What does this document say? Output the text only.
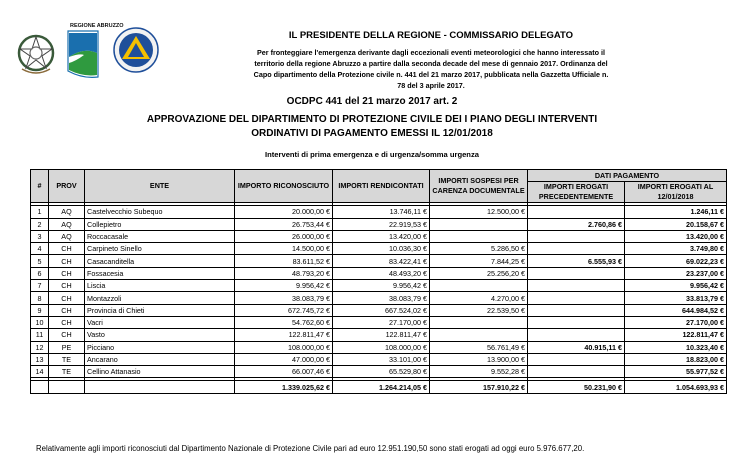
REGIONE ABRUZZO

IL PRESIDENTE DELLA REGIONE - COMMISSARIO DELEGATO

Per fronteggiare l'emergenza derivante dagli eccezionali eventi meteorologici che hanno interessato il

territorio della regione Abruzzo a partire dalla seconda decade del mese di gennaio 2017. Ordinanza del

Capo dipartimento della Protezione civile n. 441 del 21 marzo 2017, pubblicata nella Gazzetta Ufficiale n.

78 del 3 aprile 2017.

OCDPC 441 del 21 marzo 2017 art. 2
APPROVAZIONE DEL DIPARTIMENTO DI PROTEZIONE CIVILE DEI I PIANO DEGLI INTERVENTI
ORDINATIVI DI PAGAMENTO EMESSI IL 12/01/2018
Interventi di prima emergenza e di urgenza/somma urgenza
#	PROV	ENTE	IMPORTO RICONOSCIUTO	IMPORTI RENDICONTATI	IMPORTI SOSPESI PER CARENZA DOCUMENTALE	DATI PAGAMENTO	
						IMPORTI EROGATI PRECEDENTEMENTE	IMPORTI EROGATI AL 12/01/2018

1	AQ	Castelvecchio Subequo	20.000,00 €	13.746,11 €	12.500,00 €		1.246,11 €
2	AQ	Collepietro	26.753,44 €	22.919,53 €		2.760,86 €	20.158,67 €
3	AQ	Roccacasale	26.000,00 €	13.420,00 €			13.420,00 €
4	CH	Carpineto Sinello	14.500,00 €	10.036,30 €	5.286,50 €		3.749,80 €
5	CH	Casacanditella	83.611,52 €	83.422,41 €	7.844,25 €	6.555,93 €	69.022,23 €
6	CH	Fossacesia	48.793,20 €	48.493,20 €	25.256,20 €		23.237,00 €
7	CH	Liscia	9.956,42 €	9.956,42 €			9.956,42 €
8	CH	Montazzoli	38.083,79 €	38.083,79 €	4.270,00 €		33.813,79 €
9	CH	Provincia di Chieti	672.745,72 €	667.524,02 €	22.539,50 €		644.984,52 €
10	CH	Vacri	54.762,60 €	27.170,00 €			27.170,00 €
11	CH	Vasto	122.811,47 €	122.811,47 €			122.811,47 €
12	PE	Picciano	108.000,00 €	108.000,00 €	56.761,49 €	40.915,11 €	10.323,40 €
13	TE	Ancarano	47.000,00 €	33.101,00 €	13.900,00 €		18.823,00 €
14	TE	Cellino Attanasio	66.007,46 €	65.529,80 €	9.552,28 €		55.977,52 €

			1.339.025,62 €	1.264.214,05 €	157.910,22 €	50.231,90 €	1.054.693,93 €
Relativamente agli importi riconosciuti dal Dipartimento Nazionale di Protezione Civile pari ad euro 12.951.190,50 sono stati erogati ad oggi euro 5.976.677,20.
